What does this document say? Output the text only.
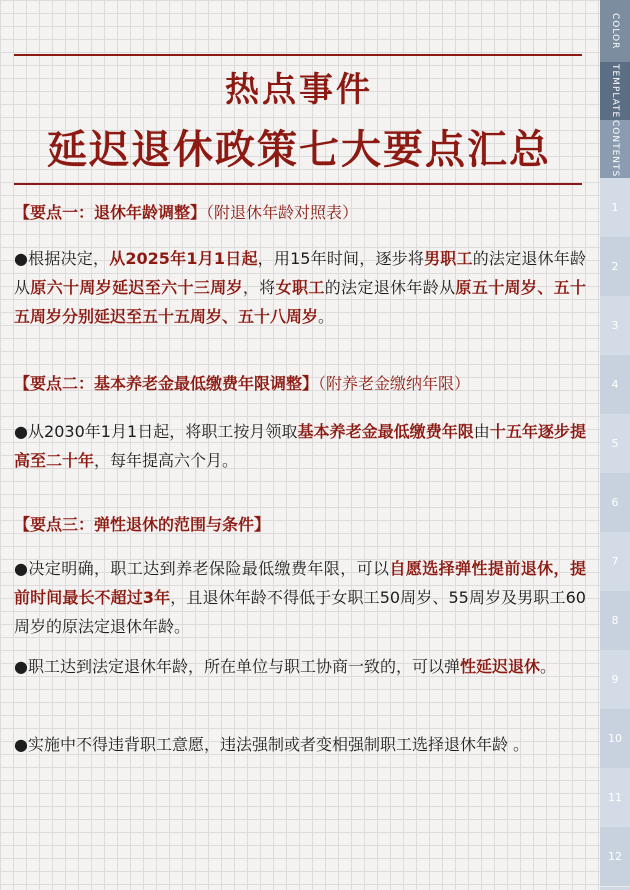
热点事件
延迟退休政策七大要点汇总
【要点一：退休年龄调整】（附退休年龄对照表）
●根据决定，从2025年1月1日起，用15年时间，逐步将男职工的法定退休年龄从原六十周岁延迟至六十三周岁，将女职工的法定退休年龄从原五十周岁、五十五周岁分别延迟至五十五周岁、五十八周岁。
【要点二：基本养老金最低缴费年限调整】（附养老金缴纳年限）
●从2030年1月1日起，将职工按月领取基本养老金最低缴费年限由十五年逐步提高至二十年，每年提高六个月。
【要点三：弹性退休的范围与条件】
●决定明确，职工达到养老保险最低缴费年限，可以自愿选择弹性提前退休，提前时间最长不超过3年，且退休年龄不得低于女职工50周岁、55周岁及男职工60周岁的原法定退休年龄。
●职工达到法定退休年龄，所在单位与职工协商一致的，可以弹性延迟退休。
●实施中不得违背职工意愿，违法强制或者变相强制职工选择退休年龄 。
COLOR
TEMPLATE
CONTENTS
1
2
3
4
5
6
7
8
9
10
11
12
